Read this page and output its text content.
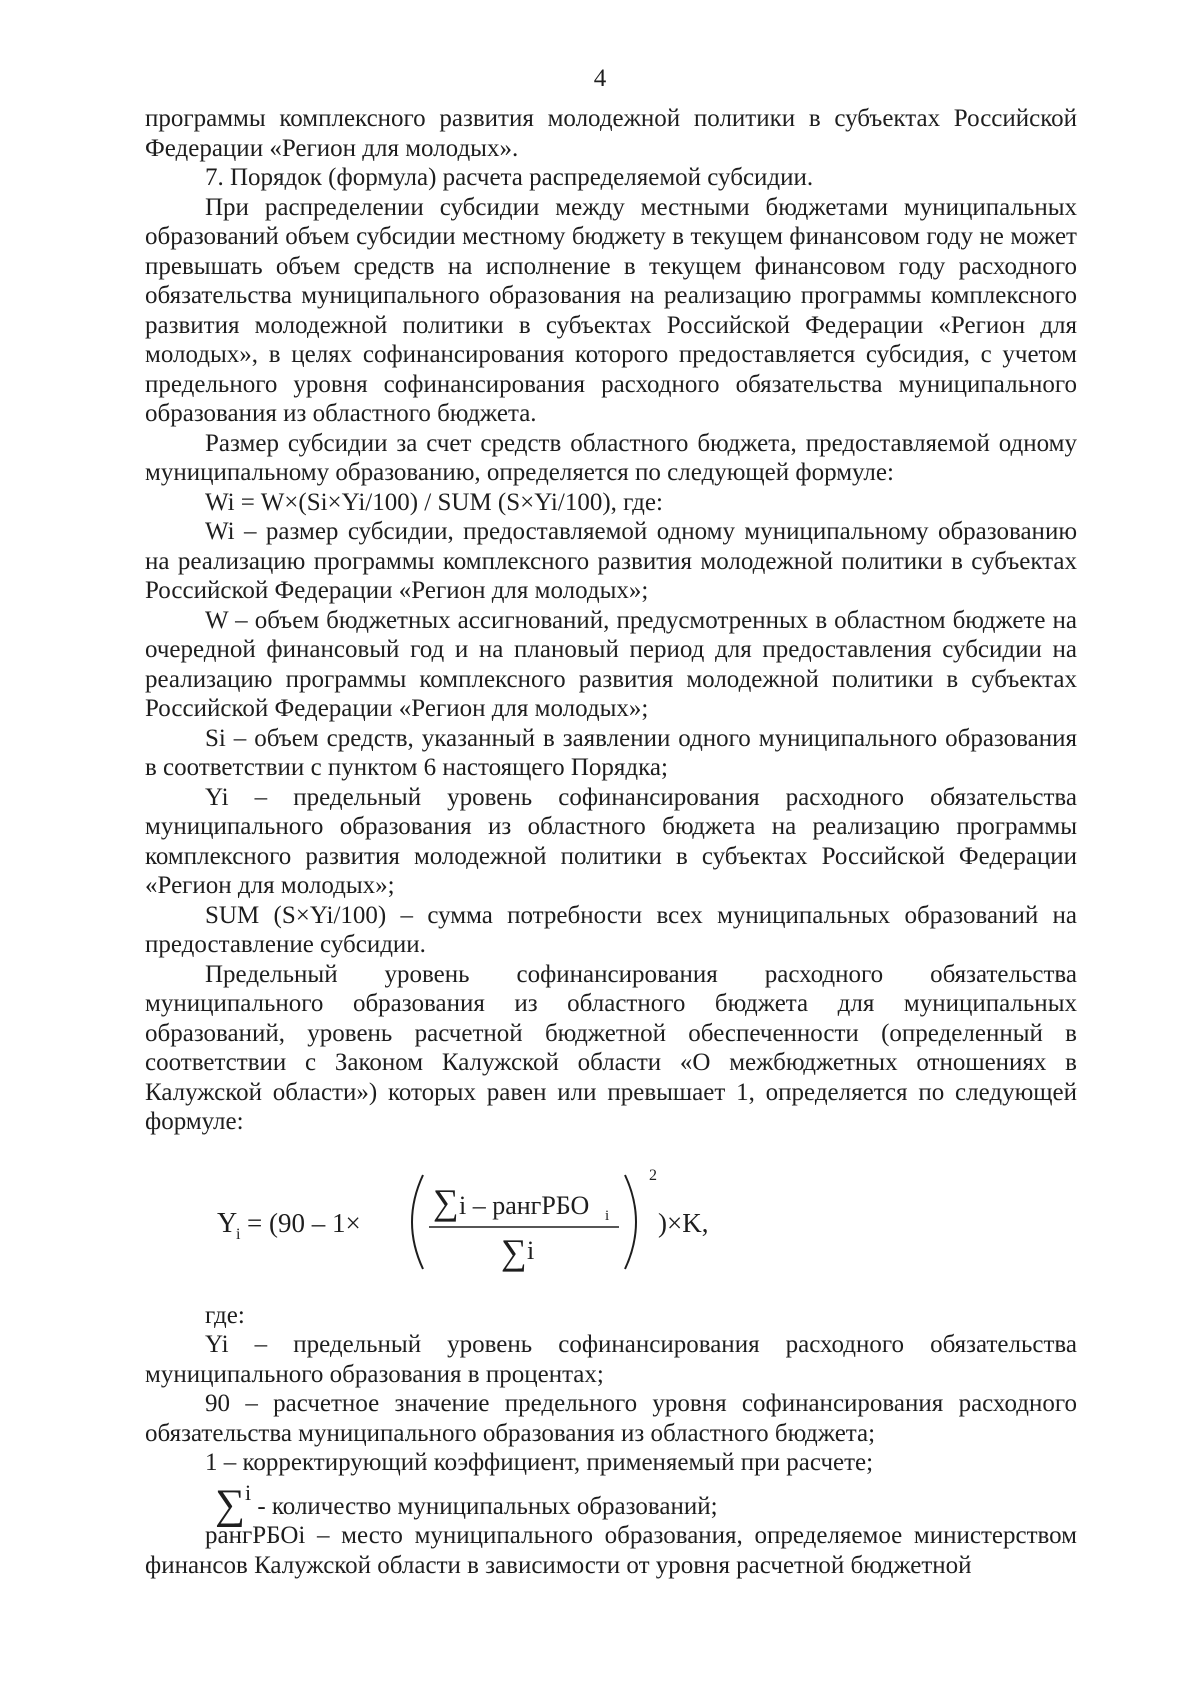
4

программы комплексного развития молодежной политики в субъектах Российской Федерации «Регион для молодых».

7. Порядок (формула) расчета распределяемой субсидии.

При распределении субсидии между местными бюджетами муниципальных образований объем субсидии местному бюджету в текущем финансовом году не может превышать объем средств на исполнение в текущем финансовом году расходного обязательства муниципального образования на реализацию программы комплексного развития молодежной политики в субъектах Российской Федерации «Регион для молодых», в целях софинансирования которого предоставляется субсидия, с учетом предельного уровня софинансирования расходного обязательства муниципального образования из областного бюджета.

Размер субсидии за счет средств областного бюджета, предоставляемой одному муниципальному образованию, определяется по следующей формуле:

Wi = W×(Si×Yi/100) / SUM (S×Yi/100), где:

Wi – размер субсидии, предоставляемой одному муниципальному образованию на реализацию программы комплексного развития молодежной политики в субъектах Российской Федерации «Регион для молодых»;

W – объем бюджетных ассигнований, предусмотренных в областном бюджете на очередной финансовый год и на плановый период для предоставления субсидии на реализацию программы комплексного развития молодежной политики в субъектах Российской Федерации «Регион для молодых»;

Si – объем средств, указанный в заявлении одного муниципального образования в соответствии с пунктом 6 настоящего Порядка;

Yi – предельный уровень софинансирования расходного обязательства муниципального образования из областного бюджета на реализацию программы комплексного развития молодежной политики в субъектах Российской Федерации «Регион для молодых»;

SUM (S×Yi/100) – сумма потребности всех муниципальных образований на предоставление субсидии.

Предельный уровень софинансирования расходного обязательства муниципального образования из областного бюджета для муниципальных образований, уровень расчетной бюджетной обеспеченности (определенный в соответствии с Законом Калужской области «О межбюджетных отношениях в Калужской области») которых равен или превышает 1, определяется по следующей формуле:

Y
i = (90 – 1×
∑ i – рангРБО i
∑ i
2
)×K,

где:

Yi – предельный уровень софинансирования расходного обязательства муниципального образования в процентах;

90 – расчетное значение предельного уровня софинансирования расходного обязательства муниципального образования из областного бюджета;

1 – корректирующий коэффициент, применяемый при расчете;

∑i - количество муниципальных образований;

рангРБОi – место муниципального образования, определяемое министерством финансов Калужской области в зависимости от уровня расчетной бюджетной
